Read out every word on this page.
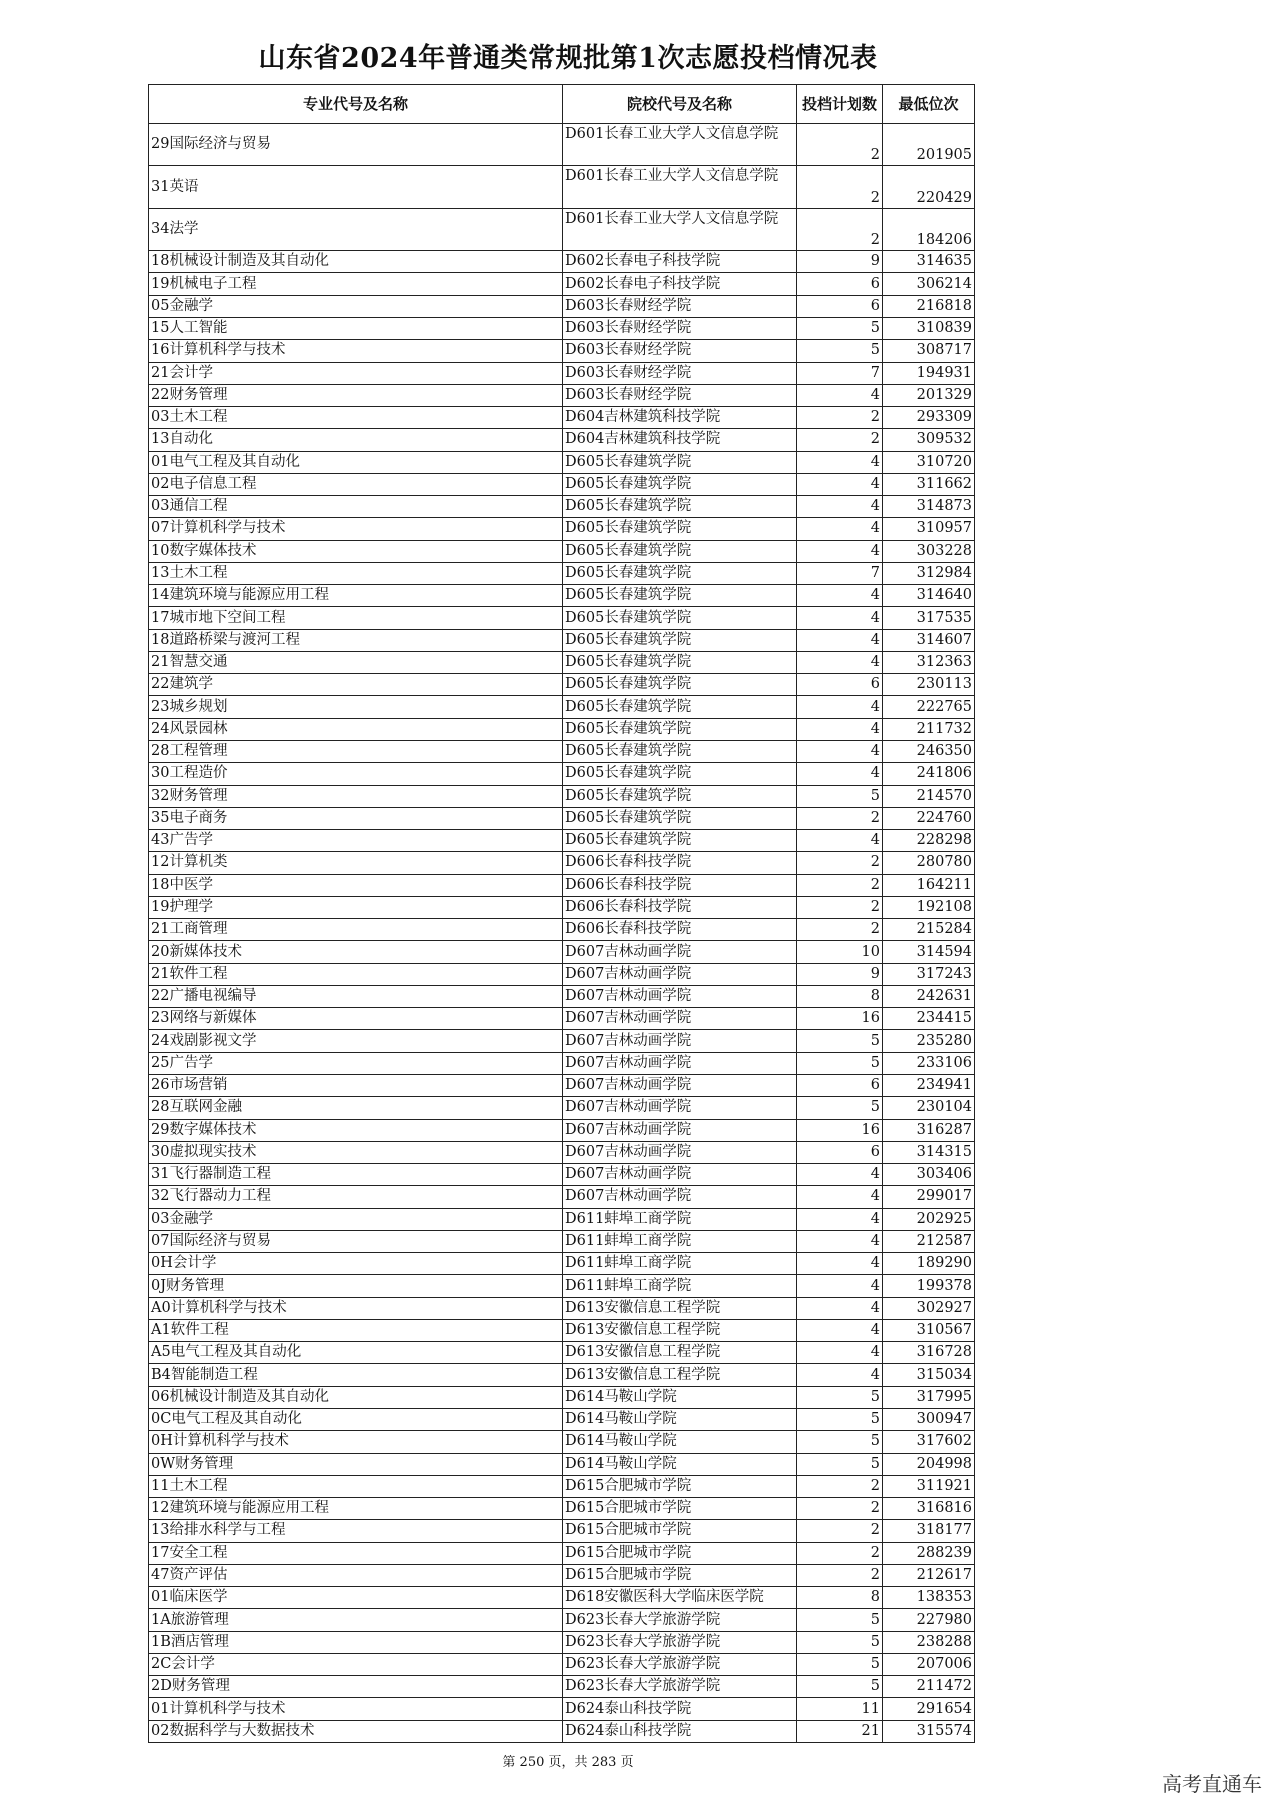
山东省2024年普通类常规批第1次志愿投档情况表
专业代号及名称	院校代号及名称	投档计划数	最低位次
29国际经济与贸易	D601长春工业大学人文信息学院	2	201905
31英语	D601长春工业大学人文信息学院	2	220429
34法学	D601长春工业大学人文信息学院	2	184206
18机械设计制造及其自动化	D602长春电子科技学院	9	314635
19机械电子工程	D602长春电子科技学院	6	306214
05金融学	D603长春财经学院	6	216818
15人工智能	D603长春财经学院	5	310839
16计算机科学与技术	D603长春财经学院	5	308717
21会计学	D603长春财经学院	7	194931
22财务管理	D603长春财经学院	4	201329
03土木工程	D604吉林建筑科技学院	2	293309
13自动化	D604吉林建筑科技学院	2	309532
01电气工程及其自动化	D605长春建筑学院	4	310720
02电子信息工程	D605长春建筑学院	4	311662
03通信工程	D605长春建筑学院	4	314873
07计算机科学与技术	D605长春建筑学院	4	310957
10数字媒体技术	D605长春建筑学院	4	303228
13土木工程	D605长春建筑学院	7	312984
14建筑环境与能源应用工程	D605长春建筑学院	4	314640
17城市地下空间工程	D605长春建筑学院	4	317535
18道路桥梁与渡河工程	D605长春建筑学院	4	314607
21智慧交通	D605长春建筑学院	4	312363
22建筑学	D605长春建筑学院	6	230113
23城乡规划	D605长春建筑学院	4	222765
24风景园林	D605长春建筑学院	4	211732
28工程管理	D605长春建筑学院	4	246350
30工程造价	D605长春建筑学院	4	241806
32财务管理	D605长春建筑学院	5	214570
35电子商务	D605长春建筑学院	2	224760
43广告学	D605长春建筑学院	4	228298
12计算机类	D606长春科技学院	2	280780
18中医学	D606长春科技学院	2	164211
19护理学	D606长春科技学院	2	192108
21工商管理	D606长春科技学院	2	215284
20新媒体技术	D607吉林动画学院	10	314594
21软件工程	D607吉林动画学院	9	317243
22广播电视编导	D607吉林动画学院	8	242631
23网络与新媒体	D607吉林动画学院	16	234415
24戏剧影视文学	D607吉林动画学院	5	235280
25广告学	D607吉林动画学院	5	233106
26市场营销	D607吉林动画学院	6	234941
28互联网金融	D607吉林动画学院	5	230104
29数字媒体技术	D607吉林动画学院	16	316287
30虚拟现实技术	D607吉林动画学院	6	314315
31飞行器制造工程	D607吉林动画学院	4	303406
32飞行器动力工程	D607吉林动画学院	4	299017
03金融学	D611蚌埠工商学院	4	202925
07国际经济与贸易	D611蚌埠工商学院	4	212587
0H会计学	D611蚌埠工商学院	4	189290
0J财务管理	D611蚌埠工商学院	4	199378
A0计算机科学与技术	D613安徽信息工程学院	4	302927
A1软件工程	D613安徽信息工程学院	4	310567
A5电气工程及其自动化	D613安徽信息工程学院	4	316728
B4智能制造工程	D613安徽信息工程学院	4	315034
06机械设计制造及其自动化	D614马鞍山学院	5	317995
0C电气工程及其自动化	D614马鞍山学院	5	300947
0H计算机科学与技术	D614马鞍山学院	5	317602
0W财务管理	D614马鞍山学院	5	204998
11土木工程	D615合肥城市学院	2	311921
12建筑环境与能源应用工程	D615合肥城市学院	2	316816
13给排水科学与工程	D615合肥城市学院	2	318177
17安全工程	D615合肥城市学院	2	288239
47资产评估	D615合肥城市学院	2	212617
01临床医学	D618安徽医科大学临床医学院	8	138353
1A旅游管理	D623长春大学旅游学院	5	227980
1B酒店管理	D623长春大学旅游学院	5	238288
2C会计学	D623长春大学旅游学院	5	207006
2D财务管理	D623长春大学旅游学院	5	211472
01计算机科学与技术	D624泰山科技学院	11	291654
02数据科学与大数据技术	D624泰山科技学院	21	315574
第 250 页，共 283 页
高考直通车
